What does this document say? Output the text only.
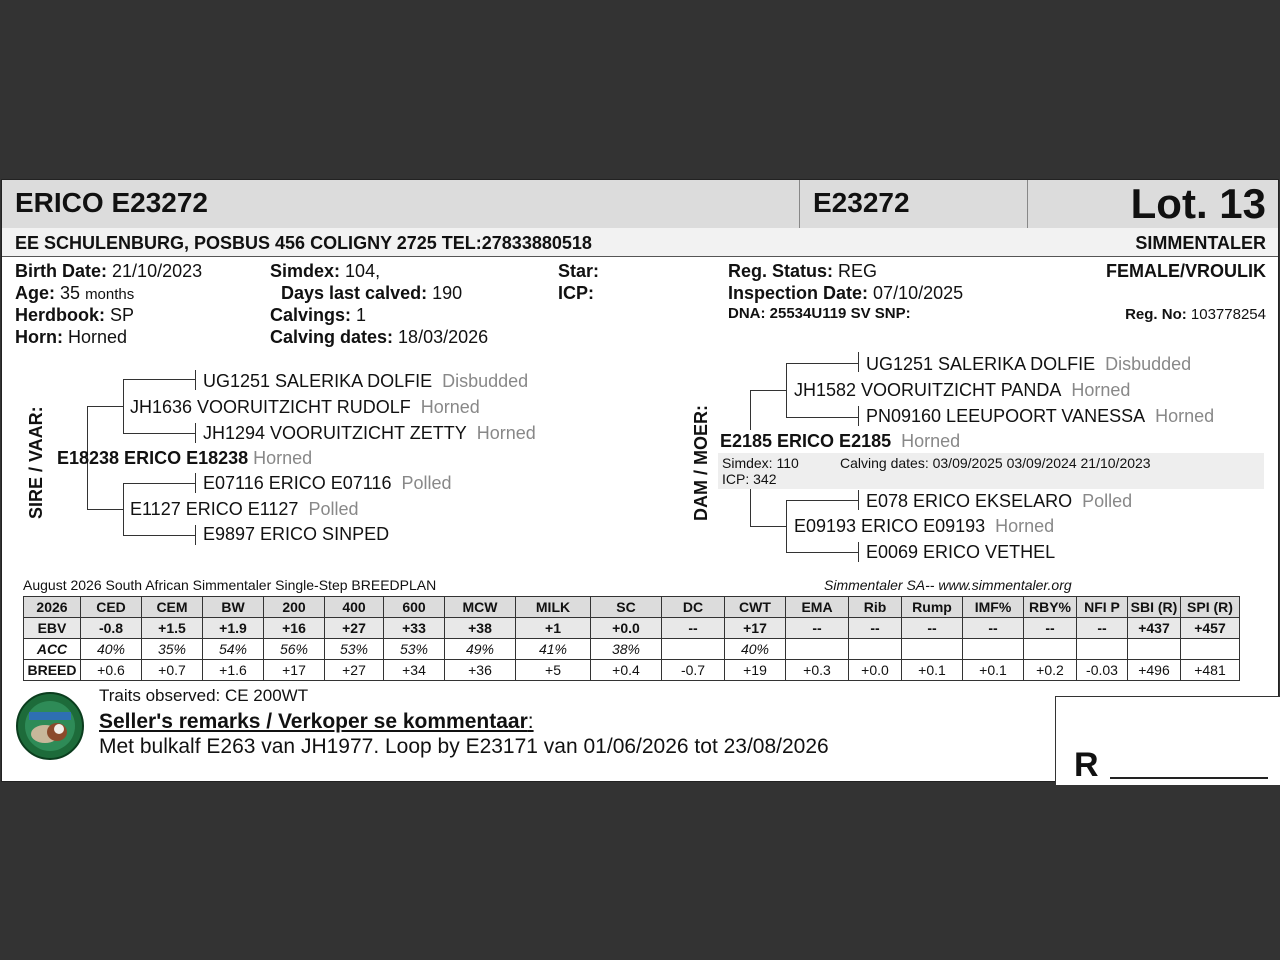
ERICO E23272	E23272	Lot. 13
EE SCHULENBURG, POSBUS 456 COLIGNY 2725 TEL:27833880518	SIMMENTALER
Birth Date: 21/10/2023
Age: 35 months
Herdbook: SP
Horn: Horned
Simdex: 104,
Days last calved: 190
Calvings: 1
Calving dates: 18/03/2026
Star:
ICP:
Reg. Status: REG
Inspection Date: 07/10/2025
DNA: 25534U119 SV SNP:
FEMALE/VROULIK
Reg. No: 103778254
SIRE / VAAR:
UG1251 SALERIKA DOLFIE Disbudded
JH1636 VOORUITZICHT RUDOLF Horned
JH1294 VOORUITZICHT ZETTY Horned
E18238 ERICO E18238 Horned
E07116 ERICO E07116 Polled
E1127 ERICO E1127 Polled
E9897 ERICO SINPED
DAM / MOER:
UG1251 SALERIKA DOLFIE Disbudded
JH1582 VOORUITZICHT PANDA Horned
PN09160 LEEUPOORT VANESSA Horned
E2185 ERICO E2185 Horned
Simdex: 110	Calving dates: 03/09/2025 03/09/2024 21/10/2023
ICP: 342
E078 ERICO EKSELARO Polled
E09193 ERICO E09193 Horned
E0069 ERICO VETHEL
August 2026 South African Simmentaler Single-Step BREEDPLAN	Simmentaler SA-- www.simmentaler.org
2026	CED	CEM	BW	200	400	600	MCW	MILK	SC	DC	CWT	EMA	Rib	Rump	IMF%	RBY%	NFI P	SBI (R)	SPI (R)
EBV	-0.8	+1.5	+1.9	+16	+27	+33	+38	+1	+0.0	--	+17	--	--	--	--	--	--	+437	+457
ACC	40%	35%	54%	56%	53%	53%	49%	41%	38%		40%								
BREED	+0.6	+0.7	+1.6	+17	+27	+34	+36	+5	+0.4	-0.7	+19	+0.3	+0.0	+0.1	+0.1	+0.2	-0.03	+496	+481
Traits observed: CE 200WT
Seller's remarks / Verkoper se kommentaar:
Met bulkalf E263 van JH1977. Loop by E23171 van 01/06/2026 tot 23/08/2026	R
